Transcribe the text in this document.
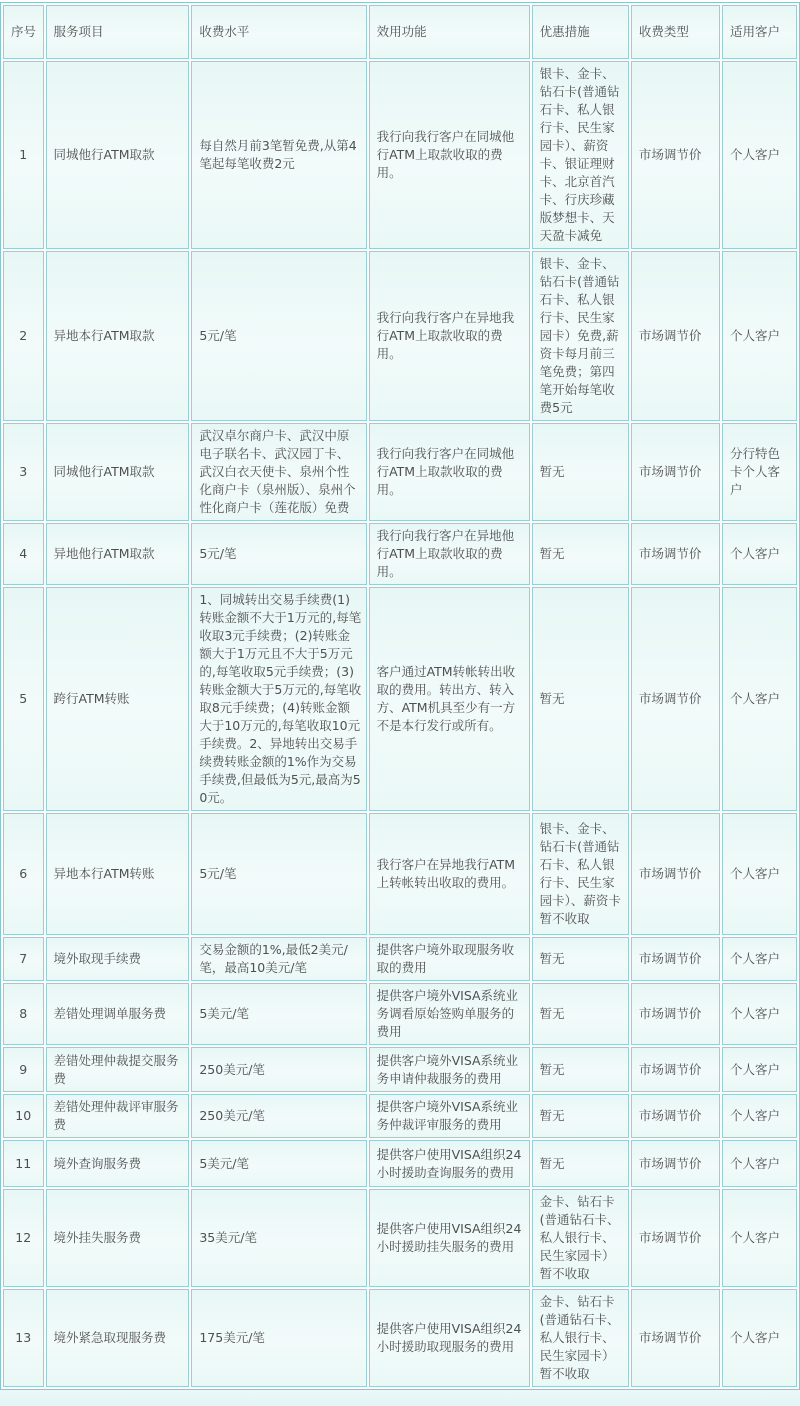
序号	服务项目	收费水平	效用功能	优惠措施	收费类型	适用客户
1	同城他行ATM取款	每自然月前3笔暂免费,从第4笔起每笔收费2元	我行向我行客户在同城他行ATM上取款收取的费用。	银卡、金卡、钻石卡(普通钻石卡、私人银行卡、民生家园卡）、薪资卡、银证理财卡、北京首汽卡、行庆珍藏版梦想卡、天天盈卡减免	市场调节价	个人客户
2	异地本行ATM取款	5元/笔	我行向我行客户在异地我行ATM上取款收取的费用。	银卡、金卡、钻石卡(普通钻石卡、私人银行卡、民生家园卡）免费,薪资卡每月前三笔免费；第四笔开始每笔收费5元	市场调节价	个人客户
3	同城他行ATM取款	武汉卓尔商户卡、武汉中原电子联名卡、武汉园丁卡、武汉白衣天使卡、泉州个性化商户卡（泉州版）、泉州个性化商户卡（莲花版）免费	我行向我行客户在同城他行ATM上取款收取的费用。	暂无	市场调节价	分行特色卡个人客户
4	异地他行ATM取款	5元/笔	我行向我行客户在异地他行ATM上取款收取的费用。	暂无	市场调节价	个人客户
5	跨行ATM转账	1、同城转出交易手续费(1)转账金额不大于1万元的,每笔收取3元手续费；(2)转账金额大于1万元且不大于5万元的,每笔收取5元手续费；(3)转账金额大于5万元的,每笔收取8元手续费；(4)转账金额大于10万元的,每笔收取10元手续费。2、异地转出交易手续费转账金额的1%作为交易手续费,但最低为5元,最高为50元。	客户通过ATM转帐转出收取的费用。转出方、转入方、ATM机具至少有一方不是本行发行或所有。	暂无	市场调节价	个人客户
6	异地本行ATM转账	5元/笔	我行客户在异地我行ATM上转帐转出收取的费用。	银卡、金卡、钻石卡(普通钻石卡、私人银行卡、民生家园卡）、薪资卡暂不收取	市场调节价	个人客户
7	境外取现手续费	交易金额的1%,最低2美元/笔，最高10美元/笔	提供客户境外取现服务收取的费用	暂无	市场调节价	个人客户
8	差错处理调单服务费	5美元/笔	提供客户境外VISA系统业务调看原始签购单服务的费用	暂无	市场调节价	个人客户
9	差错处理仲裁提交服务费	250美元/笔	提供客户境外VISA系统业务申请仲裁服务的费用	暂无	市场调节价	个人客户
10	差错处理仲裁评审服务费	250美元/笔	提供客户境外VISA系统业务仲裁评审服务的费用	暂无	市场调节价	个人客户
11	境外查询服务费	5美元/笔	提供客户使用VISA组织24小时援助查询服务的费用	暂无	市场调节价	个人客户
12	境外挂失服务费	35美元/笔	提供客户使用VISA组织24小时援助挂失服务的费用	金卡、钻石卡(普通钻石卡、私人银行卡、民生家园卡）暂不收取	市场调节价	个人客户
13	境外紧急取现服务费	175美元/笔	提供客户使用VISA组织24小时援助取现服务的费用	金卡、钻石卡(普通钻石卡、私人银行卡、民生家园卡）暂不收取	市场调节价	个人客户
